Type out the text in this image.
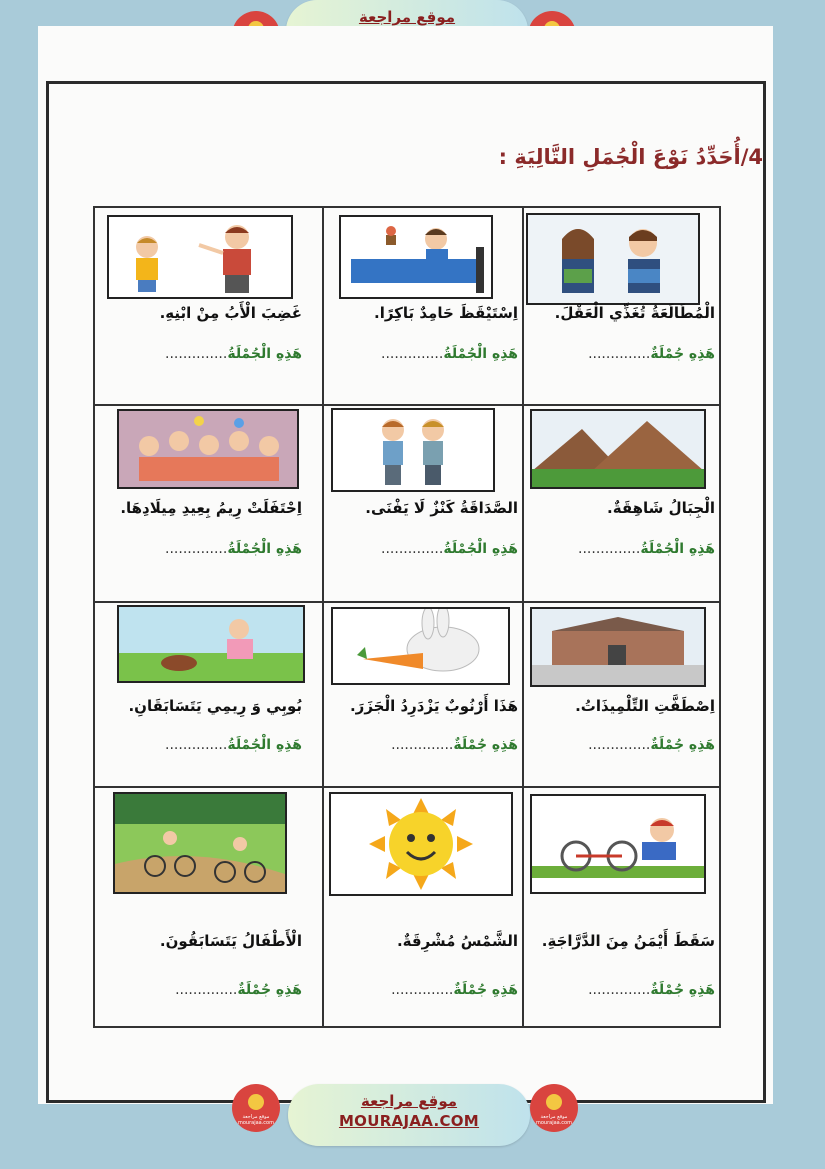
موقع مراجعة
4/أُحَدِّدُ نَوْعَ الْجُمَلِ التَّالِيَةِ :
الْمُطَالَعَةُ تُغَذِّي الْعَقْلَ.
هَذِهِ جُمْلَةٌ..............
اِسْتَيْقَظَ حَامِدٌ بَاكِرًا.
هَذِهِ الْجُمْلَةُ..............
غَضِبَ الْأَبُ مِنْ ابْنِهِ.
هَذِهِ الْجُمْلَةُ..............
الْجِبَالُ شَاهِقَةٌ.
هَذِهِ الْجُمْلَةُ..............
الصَّدَاقَةُ كَنْزٌ لَا يَفْنَى.
هَذِهِ الْجُمْلَةُ..............
اِحْتَفَلَتْ رِيمُ بِعِيدِ مِيلَادِهَا.
هَذِهِ الْجُمْلَةُ..............
اِصْطَفَّتِ التِّلْمِيذَاتُ.
هَذِهِ جُمْلَةٌ..............
هَذَا أَرْنُوبٌ يَزْدَرِدُ الْجَزَرَ.
هَذِهِ جُمْلَةٌ..............
بُوبِي وَ رِيمِي يَتَسَابَقَانِ.
هَذِهِ الْجُمْلَةُ..............
سَقَطَ أَيْمَنُ مِنَ الدَّرَّاجَةِ.
هَذِهِ جُمْلَةٌ..............
الشَّمْسُ مُشْرِقَةٌ.
هَذِهِ جُمْلَةٌ..............
الْأَطْفَالُ يَتَسَابَقُونَ.
هَذِهِ جُمْلَةٌ..............
موقع مراجعة mourajaa.com
موقع مراجعة
MOURAJAA.COM	موقع مراجعة mourajaa.com
